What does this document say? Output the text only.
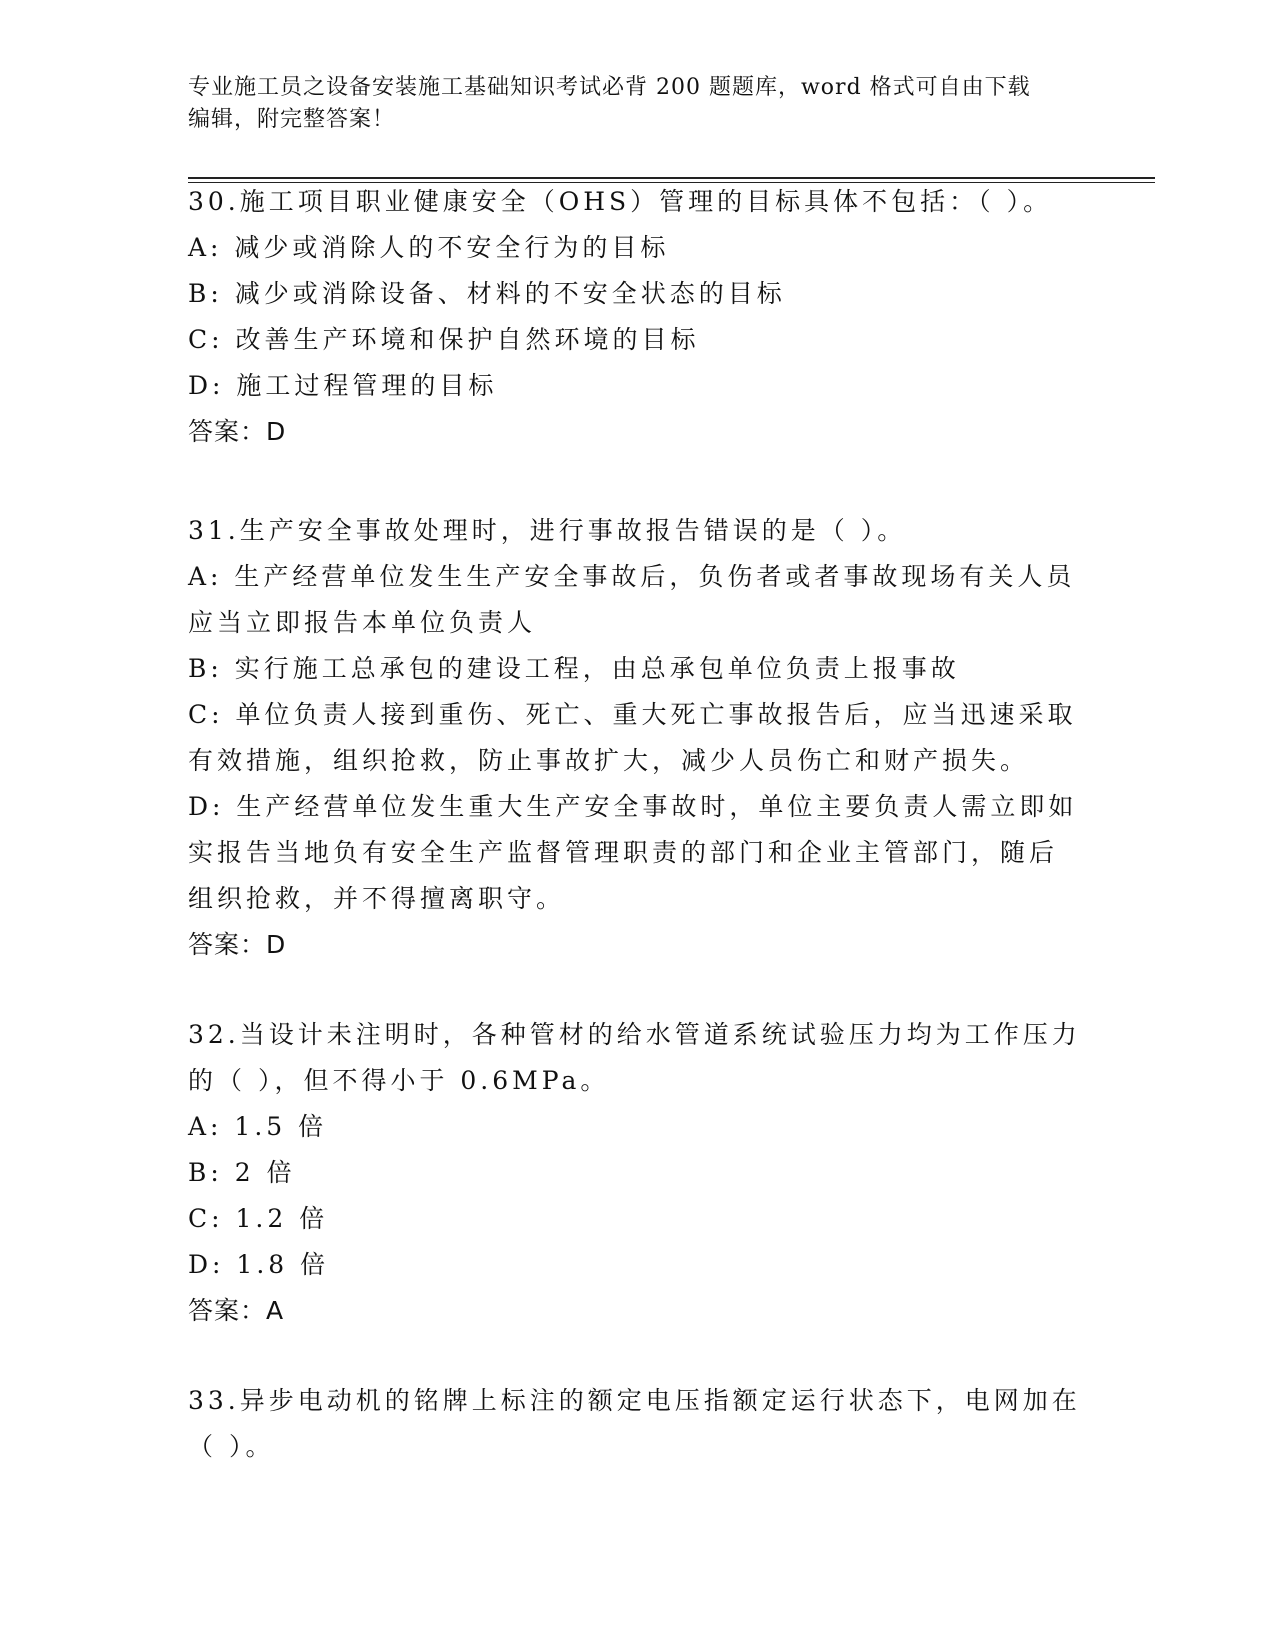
专业施工员之设备安装施工基础知识考试必背 200 题题库，word 格式可自由下载
编辑，附完整答案！
30.施工项目职业健康安全（OHS）管理的目标具体不包括：（ ）。
A: 减少或消除人的不安全行为的目标
B: 减少或消除设备、材料的不安全状态的目标
C: 改善生产环境和保护自然环境的目标
D: 施工过程管理的目标
答案：D
31.生产安全事故处理时，进行事故报告错误的是（ ）。
A: 生产经营单位发生生产安全事故后，负伤者或者事故现场有关人员
应当立即报告本单位负责人
B: 实行施工总承包的建设工程，由总承包单位负责上报事故
C: 单位负责人接到重伤、死亡、重大死亡事故报告后，应当迅速采取
有效措施，组织抢救，防止事故扩大，减少人员伤亡和财产损失。
D: 生产经营单位发生重大生产安全事故时，单位主要负责人需立即如
实报告当地负有安全生产监督管理职责的部门和企业主管部门，随后
组织抢救，并不得擅离职守。
答案：D
32.当设计未注明时，各种管材的给水管道系统试验压力均为工作压力
的（ ），但不得小于 0.6MPa。
A: 1.5 倍
B: 2 倍
C: 1.2 倍
D: 1.8 倍
答案：A
33.异步电动机的铭牌上标注的额定电压指额定运行状态下，电网加在
（ ）。
